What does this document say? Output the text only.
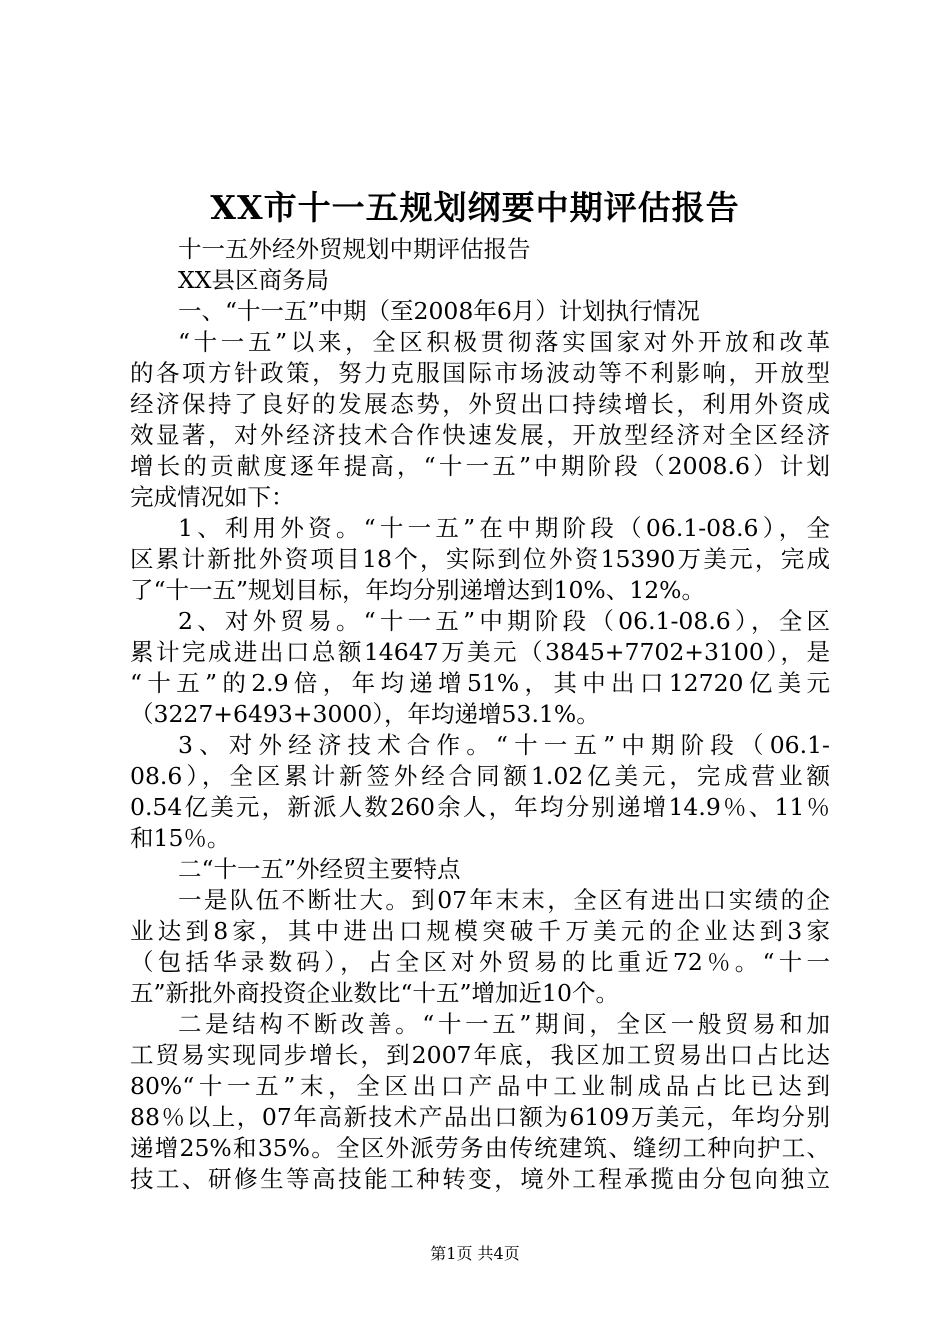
XX市十一五规划纲要中期评估报告
十一五外经外贸规划中期评估报告
XX县区商务局
一、“十一五”中期（至2008年6月）计划执行情况
“十一五”以来，全区积极贯彻落实国家对外开放和改革
的各项方针政策，努力克服国际市场波动等不利影响，开放型
经济保持了良好的发展态势，外贸出口持续增长，利用外资成
效显著，对外经济技术合作快速发展，开放型经济对全区经济
增长的贡献度逐年提高，“十一五”中期阶段（2008.6）计划
完成情况如下：
1、利用外资。“十一五”在中期阶段（06.1-08.6），全
区累计新批外资项目18个，实际到位外资15390万美元，完成
了“十一五”规划目标，年均分别递增达到10%、12%。
2、对外贸易。“十一五”中期阶段（06.1-08.6），全区
累计完成进出口总额14647万美元（3845+7702+3100），是
“十五”的2.9倍，年均递增51%，其中出口12720亿美元
（3227+6493+3000），年均递增53.1%。
3、对外经济技术合作。“十一五”中期阶段（06.1-
08.6），全区累计新签外经合同额1.02亿美元，完成营业额
0.54亿美元，新派人数260余人，年均分别递增14.9％、11％
和15％。
二“十一五”外经贸主要特点
一是队伍不断壮大。到07年末末，全区有进出口实绩的企
业达到8家，其中进出口规模突破千万美元的企业达到3家
（包括华录数码），占全区对外贸易的比重近72％。“十一
五”新批外商投资企业数比“十五”增加近10个。
二是结构不断改善。“十一五”期间，全区一般贸易和加
工贸易实现同步增长，到2007年底，我区加工贸易出口占比达
80%“十一五”末，全区出口产品中工业制成品占比已达到
88％以上，07年高新技术产品出口额为6109万美元，年均分别
递增25%和35%。全区外派劳务由传统建筑、缝纫工种向护工、
技工、研修生等高技能工种转变，境外工程承揽由分包向独立
第1页 共4页
